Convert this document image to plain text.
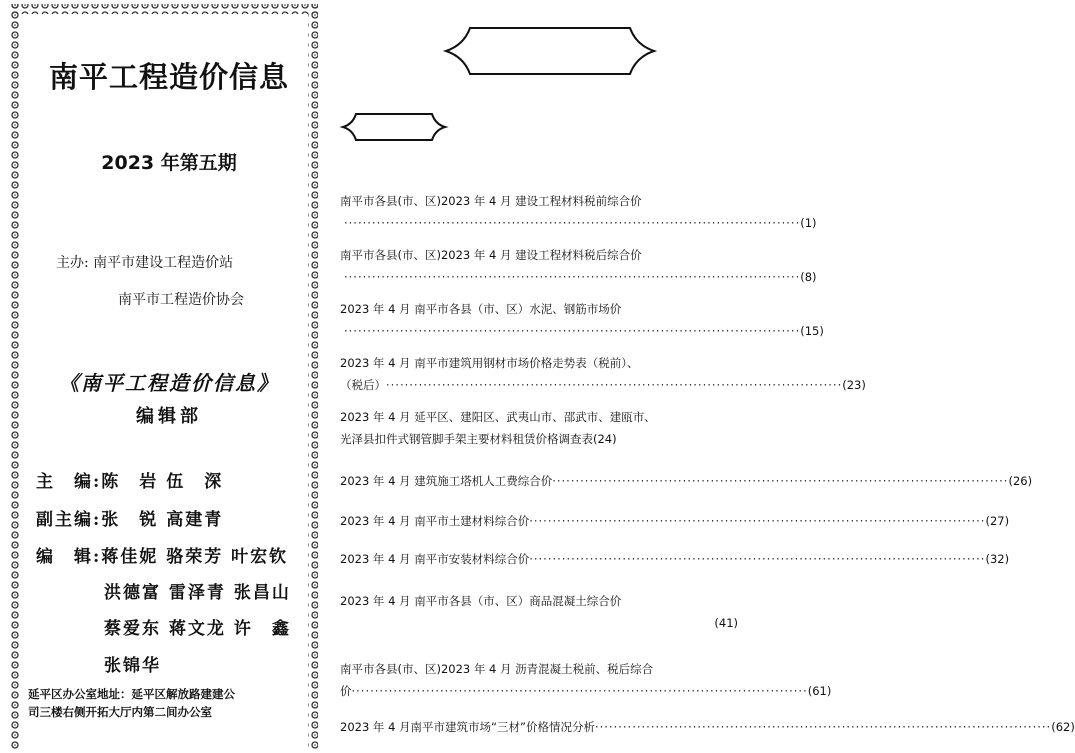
南平工程造价信息
2023 年第五期
主办: 南平市建设工程造价站
南平市工程造价协会
《南平工程造价信息》
编辑部
主　编:陈　岩 伍　深
副主编:张　锐 高建青
编　辑:蒋佳妮 骆荣芳 叶宏钦
洪德富 雷泽青 张昌山
蔡爱东 蒋文龙 许　鑫
张锦华
延平区办公室地址：延平区解放路建建公
司三楼右侧开拓大厅内第二间办公室
南平市各县(市、区)2023 年 4 月 建设工程材料税前综合价
·································································································· (1)
南平市各县(市、区)2023 年 4 月 建设工程材料税后综合价
·································································································· (8)
2023 年 4 月 南平市各县（市、区）水泥、钢筋市场价
·································································································· (15)
2023 年 4 月 南平市建筑用钢材市场价格走势表（税前）、
（税后） ·································································································· (23)
2023 年 4 月 延平区、建阳区、武夷山市、邵武市、建瓯市、
光泽县扣件式钢管脚手架主要材料租赁价格调查表 (24)
2023 年 4 月 建筑施工塔机人工费综合价 ·································································································· (26)
2023 年 4 月 南平市土建材料综合价 ·································································································· (27)
2023 年 4 月 南平市安装材料综合价 ·································································································· (32)
2023 年 4 月 南平市各县（市、区）商品混凝土综合价
(41)
南平市各县(市、区)2023 年 4 月 沥青混凝土税前、税后综合
价 ·································································································· (61)
2023 年 4 月南平市建筑市场“三材”价格情况分析 ·································································································· (62)
